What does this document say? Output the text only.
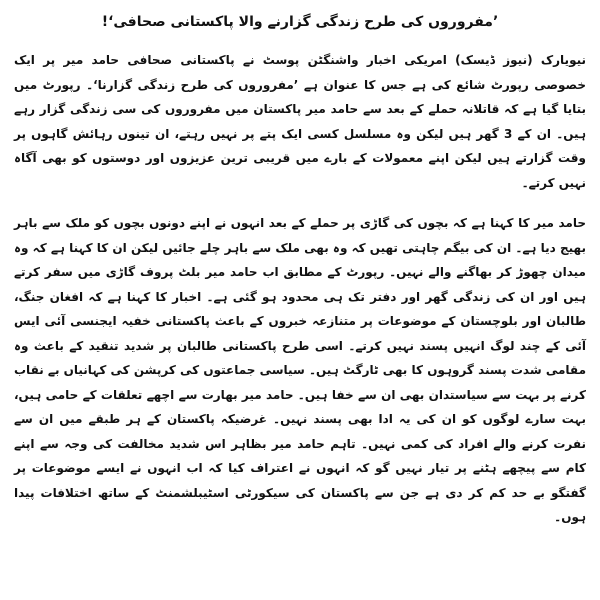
’مفروروں کی طرح زندگی گزارنے والا پاکستانی صحافی‘!

نیویارک (نیوز ڈیسک) امریکی اخبار واشنگٹن پوسٹ نے پاکستانی صحافی حامد میر پر ایک خصوصی رپورٹ شائع کی ہے جس کا عنوان ہے ’مفروروں کی طرح زندگی گزارنا‘۔ رپورٹ میں بتایا گیا ہے کہ قاتلانہ حملے کے بعد سے حامد میر پاکستان میں مفروروں کی سی زندگی گزار رہے ہیں۔ ان کے 3 گھر ہیں لیکن وہ مسلسل کسی ایک پتے پر نہیں رہتے، ان تینوں رہائش گاہوں پر وقت گزارتے ہیں لیکن اپنے معمولات کے بارے میں قریبی ترین عزیزوں اور دوستوں کو بھی آگاہ نہیں کرتے۔

حامد میر کا کہنا ہے کہ بچوں کی گاڑی پر حملے کے بعد انہوں نے اپنے دونوں بچوں کو ملک سے باہر بھیج دیا ہے۔ ان کی بیگم چاہتی تھیں کہ وہ بھی ملک سے باہر چلے جائیں لیکن ان کا کہنا ہے کہ وہ میدان چھوڑ کر بھاگنے والے نہیں۔ رپورٹ کے مطابق اب حامد میر بلٹ پروف گاڑی میں سفر کرتے ہیں اور ان کی زندگی گھر اور دفتر تک ہی محدود ہو گئی ہے۔ اخبار کا کہنا ہے کہ افغان جنگ، طالبان اور بلوچستان کے موضوعات پر متنازعہ خبروں کے باعث پاکستانی خفیہ ایجنسی آئی ایس آئی کے چند لوگ انہیں پسند نہیں کرتے۔ اسی طرح پاکستانی طالبان پر شدید تنقید کے باعث وہ مقامی شدت پسند گروہوں کا بھی ٹارگٹ ہیں۔ سیاسی جماعتوں کی کرپشن کی کہانیاں بے نقاب کرنے پر بہت سے سیاستدان بھی ان سے خفا ہیں۔ حامد میر بھارت سے اچھے تعلقات کے حامی ہیں، بہت سارے لوگوں کو ان کی یہ ادا بھی پسند نہیں۔ غرضیکہ پاکستان کے ہر طبقے میں ان سے نفرت کرنے والے افراد کی کمی نہیں۔ تاہم حامد میر بظاہر اس شدید مخالفت کی وجہ سے اپنے کام سے پیچھے ہٹنے پر تیار نہیں گو کہ انہوں نے اعتراف کیا کہ اب انہوں نے ایسے موضوعات پر گفتگو بے حد کم کر دی ہے جن سے پاکستان کی سیکورٹی اسٹیبلشمنٹ کے ساتھ اختلافات پیدا ہوں۔
